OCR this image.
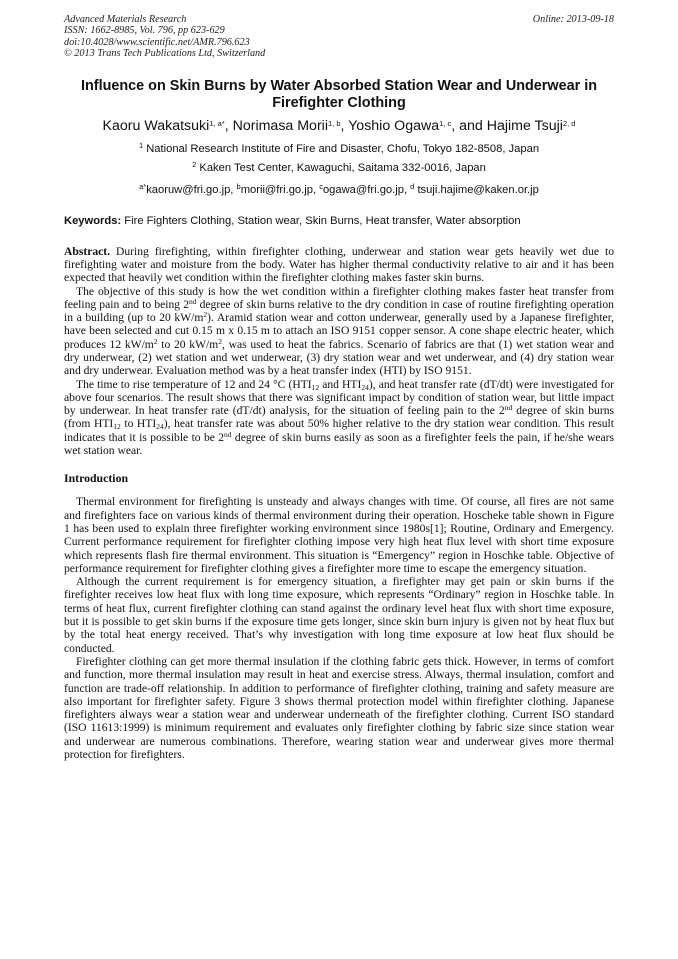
Advanced Materials Research
ISSN: 1662-8985, Vol. 796, pp 623-629
doi:10.4028/www.scientific.net/AMR.796.623
© 2013 Trans Tech Publications Ltd, Switzerland
Online: 2013-09-18
Influence on Skin Burns by Water Absorbed Station Wear and Underwear in Firefighter Clothing
Kaoru Wakatsuki$^{1, a*}$, Norimasa Morii$^{1, b}$, Yoshio Ogawa$^{1, c}$, and Hajime Tsuji$^{2, d}$
$^1$ National Research Institute of Fire and Disaster, Chofu, Tokyo 182-8508, Japan
$^2$ Kaken Test Center, Kawaguchi, Saitama 332-0016, Japan
$^{a*}$kaoruw@fri.go.jp, $^b$morii@fri.go.jp, $^c$ogawa@fri.go.jp, $^d$ tsuji.hajime@kaken.or.jp
Keywords: Fire Fighters Clothing, Station wear, Skin Burns, Heat transfer, Water absorption

Abstract. During firefighting, within firefighter clothing, underwear and station wear gets heavily wet due to firefighting water and moisture from the body. Water has higher thermal conductivity relative to air and it has been expected that heavily wet condition within the firefighter clothing makes faster skin burns.

The objective of this study is how the wet condition within a firefighter clothing makes faster heat transfer from feeling pain and to being 2nd degree of skin burns relative to the dry condition in case of routine firefighting operation in a building (up to 20 $kW/m^2$). Aramid station wear and cotton underwear, generally used by a Japanese firefighter, have been selected and cut 0.15 m x 0.15 m to attach an ISO 9151 copper sensor. A cone shape electric heater, which produces 12 $kW/m^2$ to 20 $kW/m^2$, was used to heat the fabrics. Scenario of fabrics are that (1) wet station wear and dry underwear, (2) wet station and wet underwear, (3) dry station wear and wet underwear, and (4) dry station wear and dry underwear. Evaluation method was by a heat transfer index (HTI) by ISO 9151.

The time to rise temperature of 12 and 24 °C ($HTI_{12}$ and $HTI_{24}$), and heat transfer rate (dT/dt) were investigated for above four scenarios. The result shows that there was significant impact by condition of station wear, but little impact by underwear. In heat transfer rate (dT/dt) analysis, for the situation of feeling pain to the 2nd degree of skin burns (from $HTI_{12}$ to $HTI_{24}$), heat transfer rate was about 50% higher relative to the dry station wear condition. This result indicates that it is possible to be 2nd degree of skin burns easily as soon as a firefighter feels the pain, if he/she wears wet station wear.

Introduction

Thermal environment for firefighting is unsteady and always changes with time. Of course, all fires are not same and firefighters face on various kinds of thermal environment during their operation. Hoscheke table shown in Figure 1 has been used to explain three firefighter working environment since 1980s[1]; Routine, Ordinary and Emergency. Current performance requirement for firefighter clothing impose very high heat flux level with short time exposure which represents flash fire thermal environment. This situation is “Emergency” region in Hoschke table. Objective of performance requirement for firefighter clothing gives a firefighter more time to escape the emergency situation.

Although the current requirement is for emergency situation, a firefighter may get pain or skin burns if the firefighter receives low heat flux with long time exposure, which represents “Ordinary” region in Hoschke table. In terms of heat flux, current firefighter clothing can stand against the ordinary level heat flux with short time exposure, but it is possible to get skin burns if the exposure time gets longer, since skin burn injury is given not by heat flux but by the total heat energy received. That’s why investigation with long time exposure at low heat flux should be conducted.

Firefighter clothing can get more thermal insulation if the clothing fabric gets thick. However, in terms of comfort and function, more thermal insulation may result in heat and exercise stress. Always, thermal insulation, comfort and function are trade-off relationship. In addition to performance of firefighter clothing, training and safety measure are also important for firefighter safety. Figure 3 shows thermal protection model within firefighter clothing. Japanese firefighters always wear a station wear and underwear underneath of the firefighter clothing. Current ISO standard (ISO 11613:1999) is minimum requirement and evaluates only firefighter clothing by fabric size since station wear and underwear are numerous combinations. Therefore, wearing station wear and underwear gives more thermal protection for firefighters.
